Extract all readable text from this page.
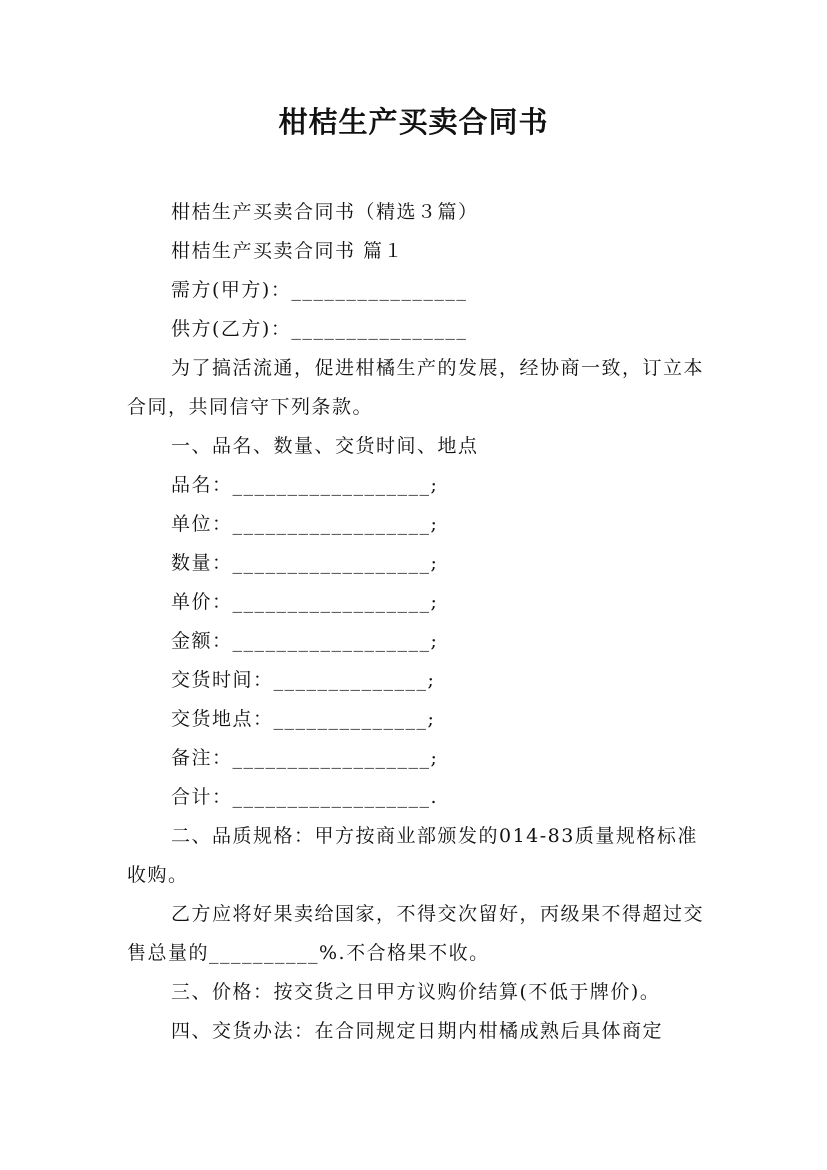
柑桔生产买卖合同书

柑桔生产买卖合同书（精选３篇）

柑桔生产买卖合同书 篇１

需方(甲方)：________________

供方(乙方)：________________

为了搞活流通，促进柑橘生产的发展，经协商一致，订立本合同，共同信守下列条款。

一、品名、数量、交货时间、地点

品名：__________________;

单位：__________________;

数量：__________________;

单价：__________________;

金额：__________________;

交货时间：______________;

交货地点：______________;

备注：__________________;

合计：__________________.

二、品质规格：甲方按商业部颁发的014-83质量规格标准收购。

乙方应将好果卖给国家，不得交次留好，丙级果不得超过交售总量的__________%.不合格果不收。

三、价格：按交货之日甲方议购价结算(不低于牌价)。

四、交货办法：在合同规定日期内柑橘成熟后具体商定
